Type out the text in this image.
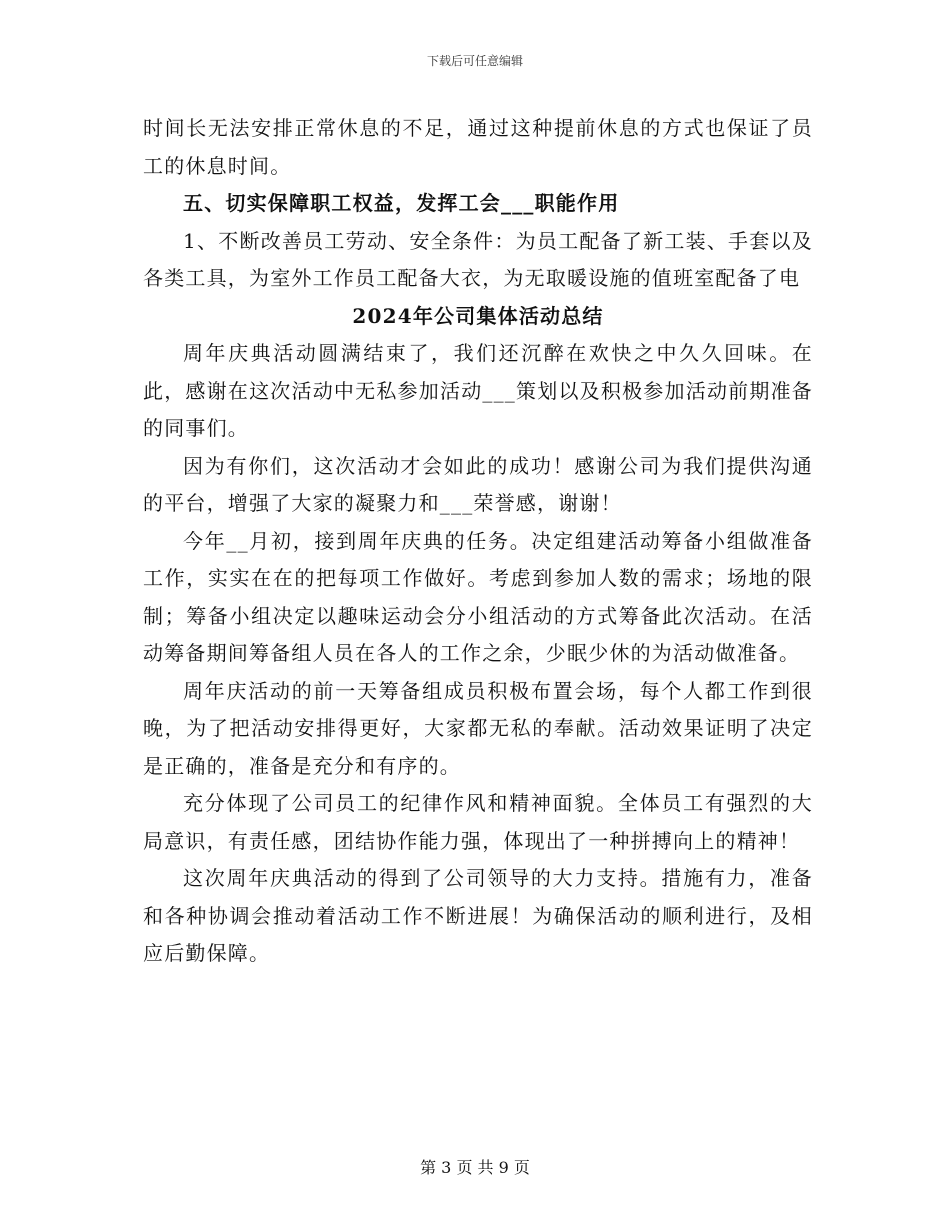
下载后可任意编辑

时间长无法安排正常休息的不足，通过这种提前休息的方式也保证了员工的休息时间。

五、切实保障职工权益，发挥工会___职能作用

1、不断改善员工劳动、安全条件：为员工配备了新工装、手套以及各类工具，为室外工作员工配备大衣，为无取暖设施的值班室配备了电

2024年公司集体活动总结

周年庆典活动圆满结束了，我们还沉醉在欢快之中久久回味。在此，感谢在这次活动中无私参加活动___策划以及积极参加活动前期准备的同事们。

因为有你们，这次活动才会如此的成功！感谢公司为我们提供沟通的平台，增强了大家的凝聚力和___荣誉感，谢谢！

今年__月初，接到周年庆典的任务。决定组建活动筹备小组做准备工作，实实在在的把每项工作做好。考虑到参加人数的需求；场地的限制；筹备小组决定以趣味运动会分小组活动的方式筹备此次活动。在活动筹备期间筹备组人员在各人的工作之余，少眠少休的为活动做准备。

周年庆活动的前一天筹备组成员积极布置会场，每个人都工作到很晚，为了把活动安排得更好，大家都无私的奉献。活动效果证明了决定是正确的，准备是充分和有序的。

充分体现了公司员工的纪律作风和精神面貌。全体员工有强烈的大局意识，有责任感，团结协作能力强，体现出了一种拼搏向上的精神！

这次周年庆典活动的得到了公司领导的大力支持。措施有力，准备和各种协调会推动着活动工作不断进展！为确保活动的顺利进行，及相应后勤保障。

第 3 页 共 9 页
